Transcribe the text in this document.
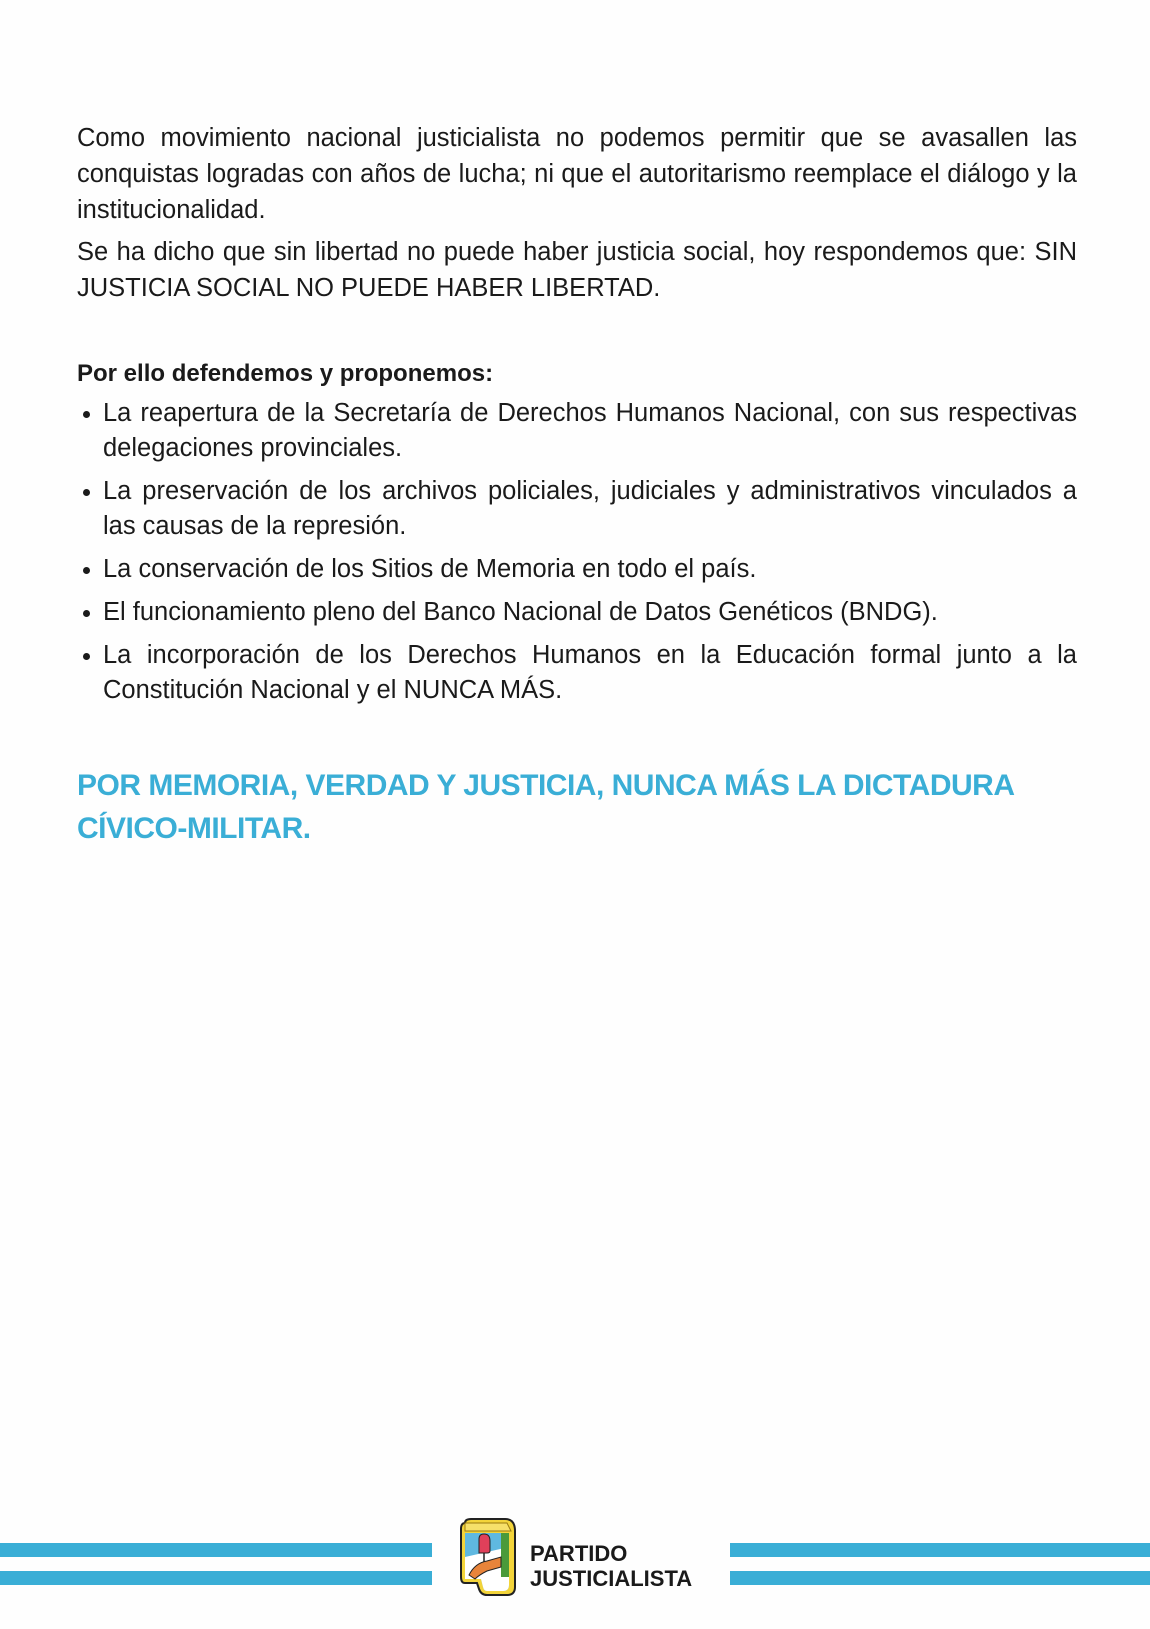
Como movimiento nacional justicialista no podemos permitir que se avasallen las conquistas logradas con años de lucha; ni que el autoritarismo reemplace el diálogo y la institucionalidad.

Se ha dicho que sin libertad no puede haber justicia social, hoy respondemos que: SIN JUSTICIA SOCIAL NO PUEDE HABER LIBERTAD.

Por ello defendemos y proponemos:

La reapertura de la Secretaría de Derechos Humanos Nacional, con sus respectivas delegaciones provinciales.
La preservación de los archivos policiales, judiciales y administrativos vinculados a las causas de la represión.
La conservación de los Sitios de Memoria en todo el país.
El funcionamiento pleno del Banco Nacional de Datos Genéticos (BNDG).
La incorporación de los Derechos Humanos en la Educación formal junto a la Constitución Nacional y el NUNCA MÁS.
POR MEMORIA, VERDAD Y JUSTICIA, NUNCA MÁS LA DICTADURA
CÍVICO-MILITAR.
PARTIDO
JUSTICIALISTA
